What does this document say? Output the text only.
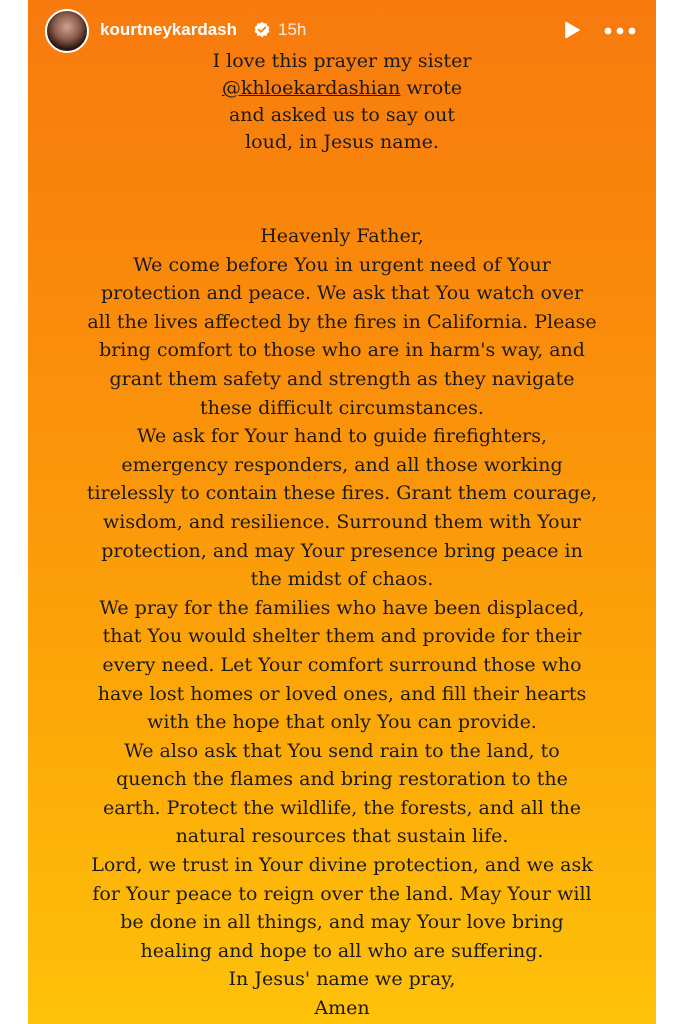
kourtneykardash 15h
I love this prayer my sister
@khloekardashian wrote
and asked us to say out
loud, in Jesus name.
Heavenly Father,
We come before You in urgent need of Your
protection and peace. We ask that You watch over
all the lives affected by the fires in California. Please
bring comfort to those who are in harm's way, and
grant them safety and strength as they navigate
these difficult circumstances.
We ask for Your hand to guide firefighters,
emergency responders, and all those working
tirelessly to contain these fires. Grant them courage,
wisdom, and resilience. Surround them with Your
protection, and may Your presence bring peace in
the midst of chaos.
We pray for the families who have been displaced,
that You would shelter them and provide for their
every need. Let Your comfort surround those who
have lost homes or loved ones, and fill their hearts
with the hope that only You can provide.
We also ask that You send rain to the land, to
quench the flames and bring restoration to the
earth. Protect the wildlife, the forests, and all the
natural resources that sustain life.
Lord, we trust in Your divine protection, and we ask
for Your peace to reign over the land. May Your will
be done in all things, and may Your love bring
healing and hope to all who are suffering.
In Jesus' name we pray,
Amen
